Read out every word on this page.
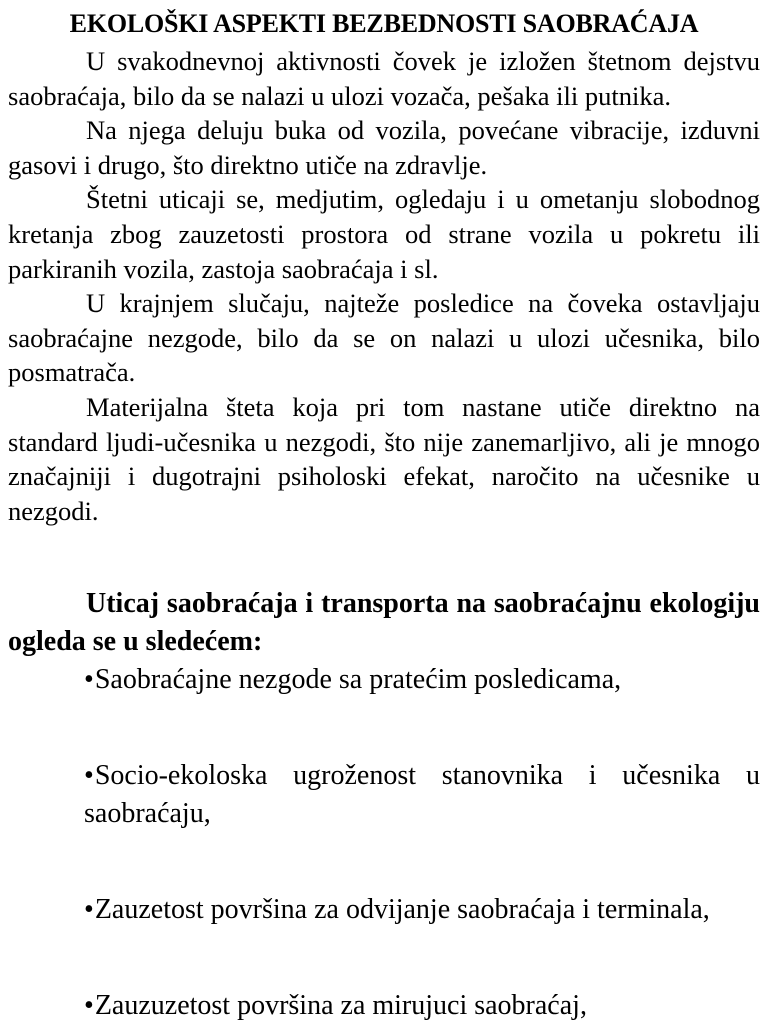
EKOLOŠKI ASPEKTI BEZBEDNOSTI SAOBRAĆAJA

U svakodnevnoj aktivnosti čovek je izložen štetnom dejstvu saobraćaja, bilo da se nalazi u ulozi vozača, pešaka ili putnika.

Na njega deluju buka od vozila, povećane vibracije, izduvni gasovi i drugo, što direktno utiče na zdravlje.

Štetni uticaji se, medjutim, ogledaju i u ometanju slobodnog kretanja zbog zauzetosti prostora od strane vozila u pokretu ili parkiranih vozila, zastoja saobraćaja i sl.

U krajnjem slučaju, najteže posledice na čoveka ostavljaju saobraćajne nezgode, bilo da se on nalazi u ulozi učesnika, bilo posmatrača.

Materijalna šteta koja pri tom nastane utiče direktno na standard ljudi-učesnika u nezgodi, što nije zanemarljivo, ali je mnogo značajniji i dugotrajni psiholoski efekat, naročito na učesnike u nezgodi.

Uticaj saobraćaja i transporta na saobraćajnu ekologiju ogleda se u sledećem:

•Saobraćajne nezgode sa pratećim posledicama,
•Socio-ekoloska ugroženost stanovnika i učesnika u saobraćaju,
•Zauzetost površina za odvijanje saobraćaja i terminala,
•Zauzuzetost površina za mirujuci saobraćaj,
